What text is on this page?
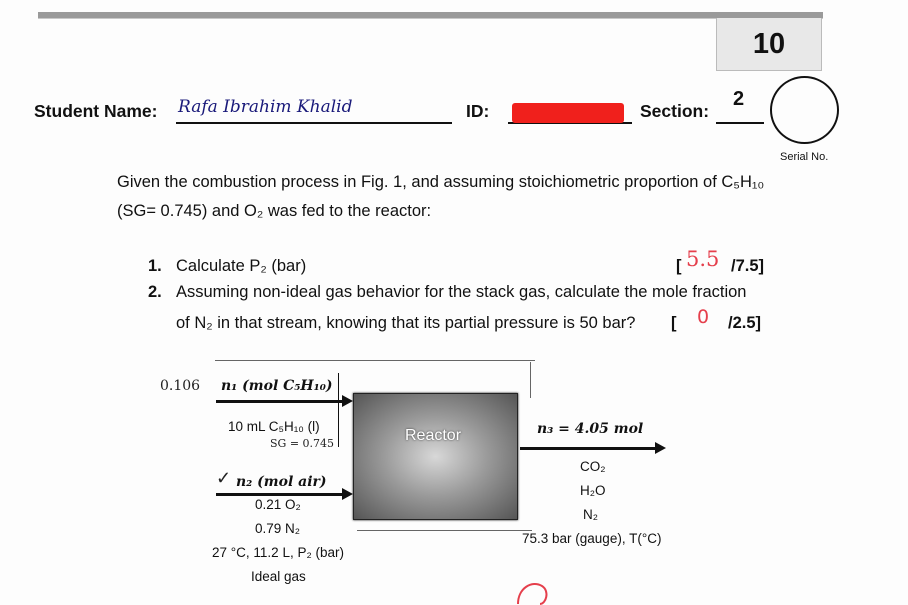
10
Student Name: Rafa Ibrahim Khalid	ID:	Section:
2
Serial No.
Given the combustion process in Fig. 1, and assuming stoichiometric proportion of C₅H₁₀
(SG= 0.745) and O₂ was fed to the reactor:
1. Calculate P₂ (bar)	[ 5.5 /7.5]
2. Assuming non-ideal gas behavior for the stack gas, calculate the mole fraction
of N₂ in that stream, knowing that its partial pressure is 50 bar? [ 0 /2.5]
0.106 n₁ (mol C₅H₁₀)
10 mL C₅H₁₀ (l)
SG = 0.745
✓ n₂ (mol air)
0.21 O₂
0.79 N₂
27 °C, 11.2 L, P₂ (bar)
Ideal gas
Reactor	n₃ = 4.05 mol
CO₂
H₂O
N₂
75.3 bar (gauge), T(°C)
